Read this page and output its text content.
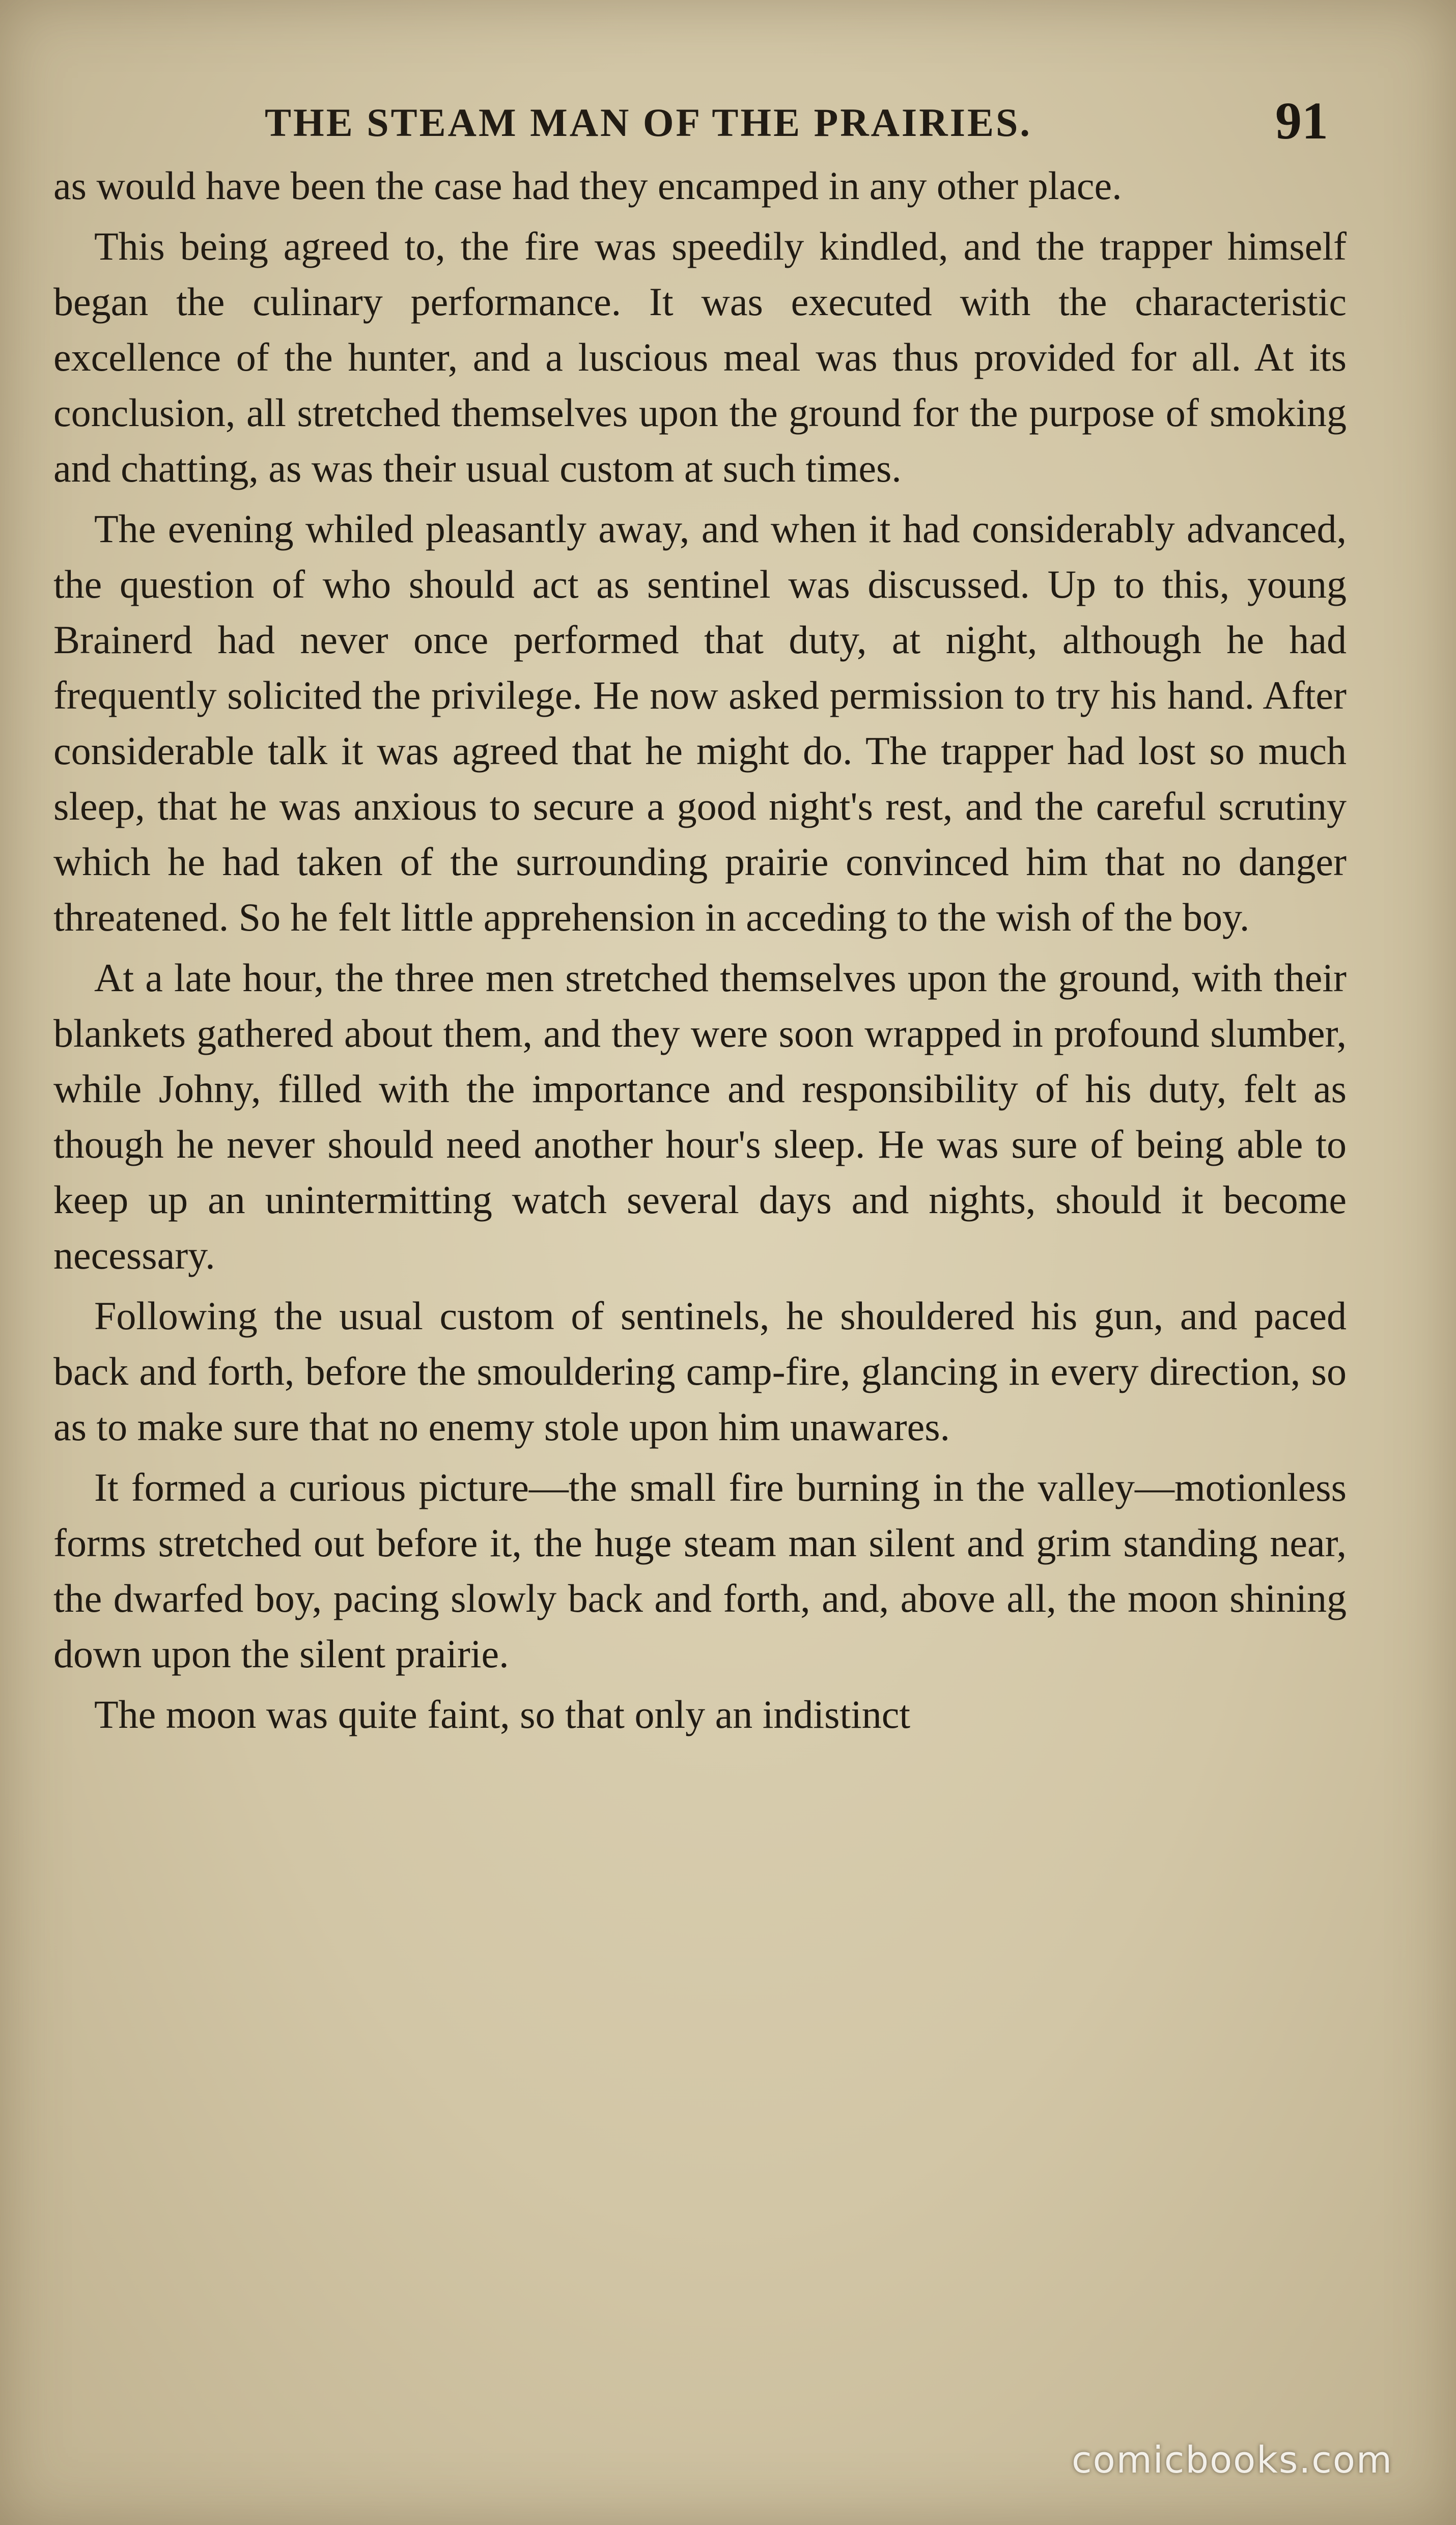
THE STEAM MAN OF THE PRAIRIES.	91

as would have been the case had they encamped in any other place.

This being agreed to, the fire was speedily kindled, and the trapper himself began the culinary performance. It was executed with the characteristic excellence of the hunter, and a luscious meal was thus provided for all. At its conclusion, all stretched themselves upon the ground for the purpose of smoking and chatting, as was their usual custom at such times.

The evening whiled pleasantly away, and when it had considerably advanced, the question of who should act as sentinel was discussed. Up to this, young Brainerd had never once performed that duty, at night, although he had frequently solicited the privilege. He now asked permission to try his hand. After considerable talk it was agreed that he might do. The trapper had lost so much sleep, that he was anxious to secure a good night's rest, and the careful scrutiny which he had taken of the surrounding prairie convinced him that no danger threatened. So he felt little apprehension in acceding to the wish of the boy.

At a late hour, the three men stretched themselves upon the ground, with their blankets gathered about them, and they were soon wrapped in profound slumber, while Johny, filled with the importance and responsibility of his duty, felt as though he never should need another hour's sleep. He was sure of being able to keep up an unintermitting watch several days and nights, should it become necessary.

Following the usual custom of sentinels, he shouldered his gun, and paced back and forth, before the smouldering camp-fire, glancing in every direction, so as to make sure that no enemy stole upon him unawares.

It formed a curious picture—the small fire burning in the valley—motionless forms stretched out before it, the huge steam man silent and grim standing near, the dwarfed boy, pacing slowly back and forth, and, above all, the moon shining down upon the silent prairie.

The moon was quite faint, so that only an indistinct

comicbooks.com
